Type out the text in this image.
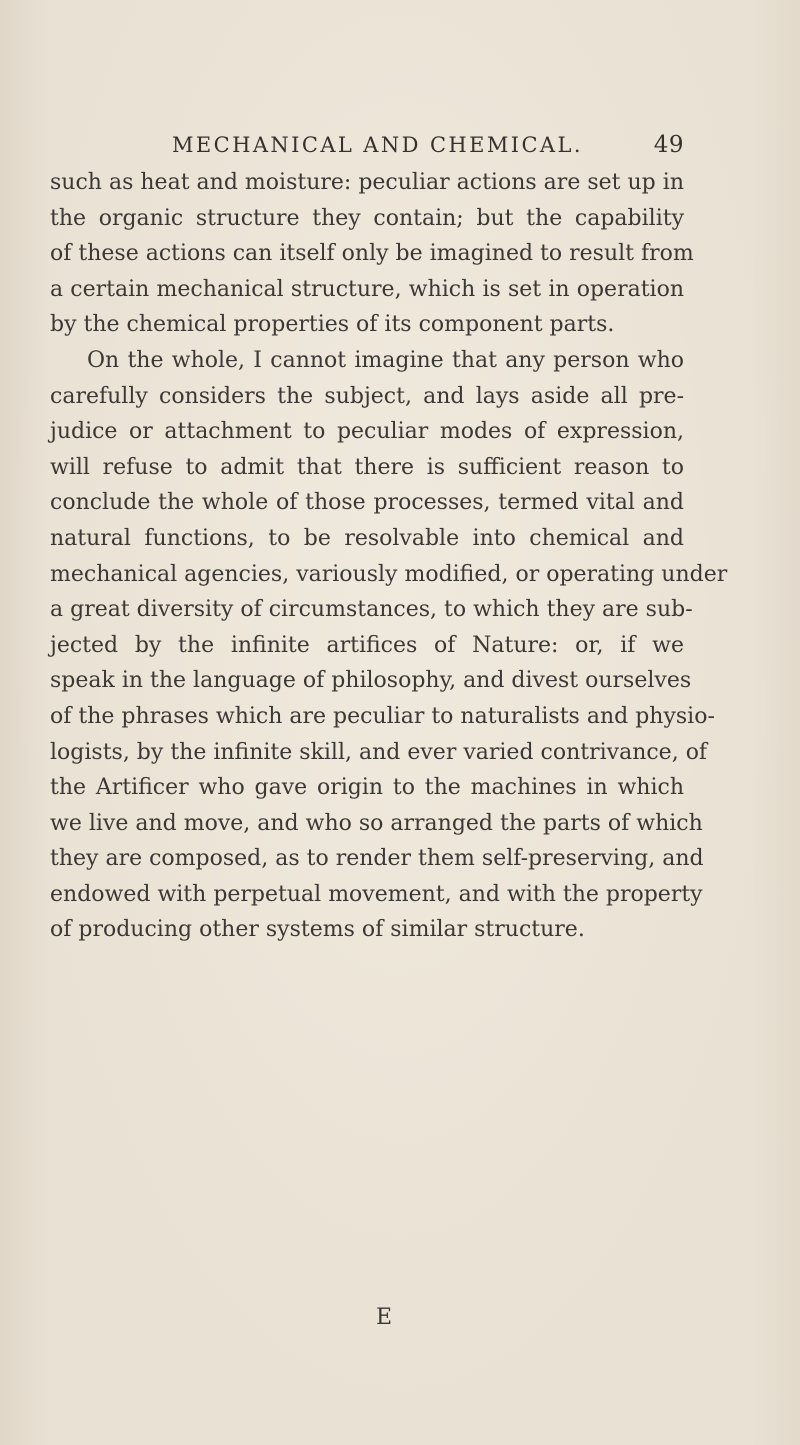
MECHANICAL AND CHEMICAL.	49
such as heat and moisture: peculiar actions are set up in
the organic structure they contain; but the capability
of these actions can itself only be imagined to result from
a certain mechanical structure, which is set in operation
by the chemical properties of its component parts.
On the whole, I cannot imagine that any person who
carefully considers the subject, and lays aside all pre-
judice or attachment to peculiar modes of expression,
will refuse to admit that there is sufficient reason to
conclude the whole of those processes, termed vital and
natural functions, to be resolvable into chemical and
mechanical agencies, variously modified, or operating under
a great diversity of circumstances, to which they are sub-
jected by the infinite artifices of Nature: or, if we
speak in the language of philosophy, and divest ourselves
of the phrases which are peculiar to naturalists and physio-
logists, by the infinite skill, and ever varied contrivance, of
the Artificer who gave origin to the machines in which
we live and move, and who so arranged the parts of which
they are composed, as to render them self-preserving, and
endowed with perpetual movement, and with the property
of producing other systems of similar structure.
E
